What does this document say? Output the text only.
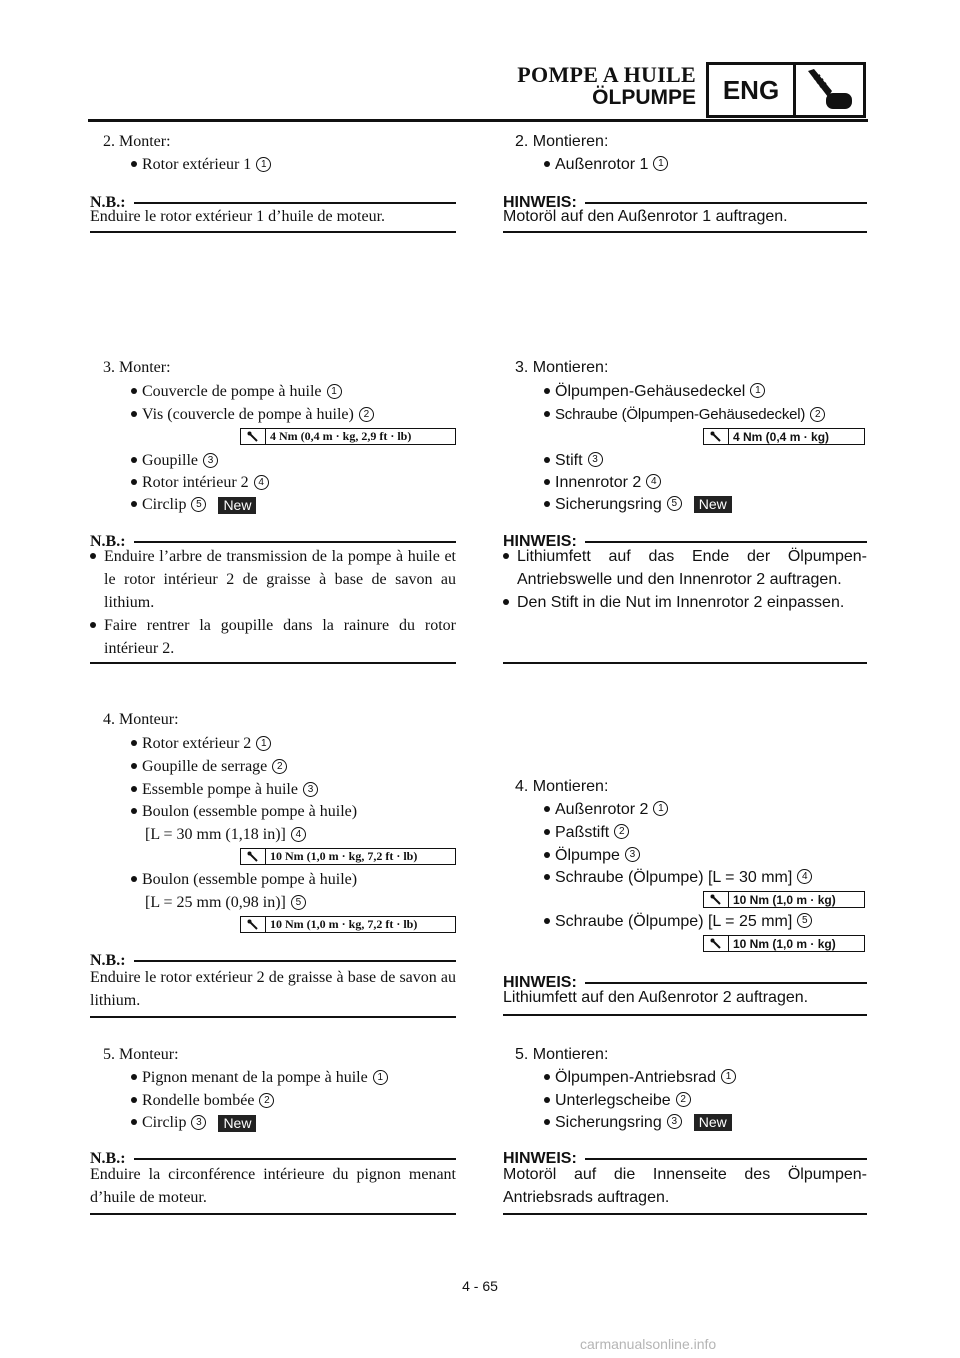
POMPE A HUILE
ÖLPUMPE	ENG
2. Monter:
Rotor extérieur 1 1
N.B.:
Enduire le rotor extérieur 1 d’huile de moteur.
3. Monter:
Couvercle de pompe à huile 1
Vis (couvercle de pompe à huile) 2
4 Nm (0,4 m · kg, 2,9 ft · lb)
Goupille 3
Rotor intérieur 2 4
Circlip 5 New
N.B.:
Enduire l’arbre de transmission de la pompe à huile et le rotor intérieur 2 de graisse à base de savon au lithium.
Faire rentrer la goupille dans la rainure du rotor intérieur 2.
4. Monteur:
Rotor extérieur 2 1
Goupille de serrage 2
Essemble pompe à huile 3
Boulon (essemble pompe à huile)
[L = 30 mm (1,18 in)] 4
10 Nm (1,0 m · kg, 7,2 ft · lb)
Boulon (essemble pompe à huile)
[L = 25 mm (0,98 in)] 5
10 Nm (1,0 m · kg, 7,2 ft · lb)
N.B.:
Enduire le rotor extérieur 2 de graisse à base de savon au lithium.
5. Monteur:
Pignon menant de la pompe à huile 1
Rondelle bombée 2
Circlip 3 New
N.B.:
Enduire la circonférence intérieure du pignon menant d’huile de moteur.
2. Montieren:
Außenrotor 1 1
HINWEIS:
Motoröl auf den Außenrotor 1 auftragen.
3. Montieren:
Ölpumpen-Gehäusedeckel 1
Schraube (Ölpumpen-Gehäusedeckel) 2
4 Nm (0,4 m · kg)
Stift 3
Innenrotor 2 4
Sicherungsring 5 New
HINWEIS:
Lithiumfett auf das Ende der Ölpumpen-Antriebswelle und den Innenrotor 2 auftragen.
Den Stift in die Nut im Innenrotor 2 einpassen.
4. Montieren:
Außenrotor 2 1
Paßstift 2
Ölpumpe 3
Schraube (Ölpumpe) [L = 30 mm] 4
10 Nm (1,0 m · kg)
Schraube (Ölpumpe) [L = 25 mm] 5
10 Nm (1,0 m · kg)
HINWEIS:
Lithiumfett auf den Außenrotor 2 auftragen.
5. Montieren:
Ölpumpen-Antriebsrad 1
Unterlegscheibe 2
Sicherungsring 3 New
HINWEIS:
Motoröl auf die Innenseite des Ölpumpen-Antriebsrads auftragen.
4 - 65
carmanualsonline.info
